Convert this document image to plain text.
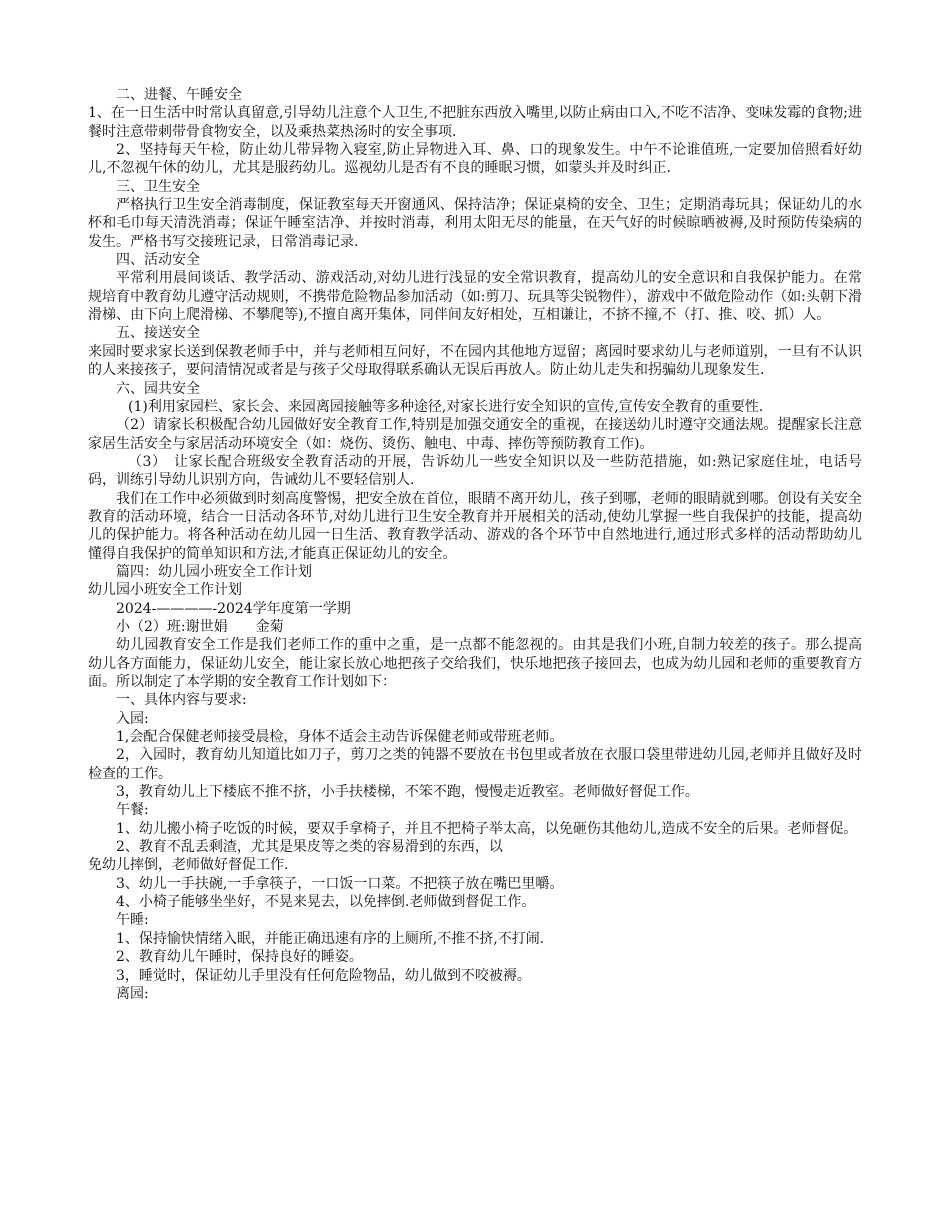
二、进餐、午睡安全

1、在一日生活中时常认真留意,引导幼儿注意个人卫生,不把脏东西放入嘴里,以防止病由口入,不吃不洁净、变味发霉的食物;进餐时注意带刺带骨食物安全，以及乘热菜热汤时的安全事项.

2、坚持每天午检，防止幼儿带异物入寝室,防止异物进入耳、鼻、口的现象发生。中午不论谁值班,一定要加倍照看好幼儿,不忽视午休的幼儿，尤其是服药幼儿。巡视幼儿是否有不良的睡眠习惯，如蒙头并及时纠正.

三、卫生安全

严格执行卫生安全消毒制度，保证教室每天开窗通风、保持洁净；保证桌椅的安全、卫生；定期消毒玩具；保证幼儿的水杯和毛巾每天清洗消毒；保证午睡室洁净、并按时消毒，利用太阳无尽的能量，在天气好的时候晾晒被褥,及时预防传染病的发生。严格书写交接班记录，日常消毒记录.

四、活动安全

平常利用晨间谈话、教学活动、游戏活动,对幼儿进行浅显的安全常识教育，提高幼儿的安全意识和自我保护能力。在常规培育中教育幼儿遵守活动规则，不携带危险物品参加活动（如:剪刀、玩具等尖锐物件），游戏中不做危险动作（如:头朝下滑滑梯、由下向上爬滑梯、不攀爬等),不擅自离开集体，同伴间友好相处，互相谦让，不挤不撞,不（打、推、咬、抓）人。

五、接送安全

来园时要求家长送到保教老师手中，并与老师相互问好，不在园内其他地方逗留；离园时要求幼儿与老师道别，一旦有不认识的人来接孩子，要问清情况或者是与孩子父母取得联系确认无误后再放人。防止幼儿走失和拐骗幼儿现象发生.

六、园共安全

(1)利用家园栏、家长会、来园离园接触等多种途径,对家长进行安全知识的宣传,宣传安全教育的重要性.

（2）请家长积极配合幼儿园做好安全教育工作,特别是加强交通安全的重视，在接送幼儿时遵守交通法规。提醒家长注意家居生活安全与家居活动环境安全（如：烧伤、烫伤、触电、中毒、摔伤等预防教育工作)。

（3）　让家长配合班级安全教育活动的开展，告诉幼儿一些安全知识以及一些防范措施，如:熟记家庭住址，电话号码，训练引导幼儿识别方向，告诫幼儿不要轻信别人.

我们在工作中必须做到时刻高度警惕，把安全放在首位，眼睛不离开幼儿，孩子到哪，老师的眼睛就到哪。创设有关安全教育的活动环境，结合一日活动各环节,对幼儿进行卫生安全教育并开展相关的活动,使幼儿掌握一些自我保护的技能，提高幼儿的保护能力。将各种活动在幼儿园一日生活、教育教学活动、游戏的各个环节中自然地进行,通过形式多样的活动帮助幼儿懂得自我保护的简单知识和方法,才能真正保证幼儿的安全。

篇四：幼儿园小班安全工作计划

幼儿园小班安全工作计划

2024-————-2024学年度第一学期

小（2）班:谢世娟　　金菊

幼儿园教育安全工作是我们老师工作的重中之重，是一点都不能忽视的。由其是我们小班,自制力较差的孩子。那么提高幼儿各方面能力，保证幼儿安全，能让家长放心地把孩子交给我们，快乐地把孩子接回去，也成为幼儿园和老师的重要教育方面。所以制定了本学期的安全教育工作计划如下：

一、具体内容与要求:

入园:

1,会配合保健老师接受晨检，身体不适会主动告诉保健老师或带班老师。

2，入园时，教育幼儿知道比如刀子，剪刀之类的钝器不要放在书包里或者放在衣服口袋里带进幼儿园,老师并且做好及时检查的工作。

3，教育幼儿上下楼底不推不挤，小手扶楼梯，不笨不跑，慢慢走近教室。老师做好督促工作。

午餐:

1、幼儿搬小椅子吃饭的时候，要双手拿椅子，并且不把椅子举太高，以免砸伤其他幼儿,造成不安全的后果。老师督促。

2、教育不乱丢剩渣，尤其是果皮等之类的容易滑到的东西，以

免幼儿摔倒，老师做好督促工作.

3、幼儿一手扶碗,一手拿筷子，一口饭一口菜。不把筷子放在嘴巴里嚼。

4、小椅子能够坐坐好，不晃来晃去，以免摔倒.老师做到督促工作。

午睡:

1、保持愉快情绪入眠，并能正确迅速有序的上厕所,不推不挤,不打闹.

2、教育幼儿午睡时，保持良好的睡姿。

3，睡觉时，保证幼儿手里没有任何危险物品，幼儿做到不咬被褥。

离园:
